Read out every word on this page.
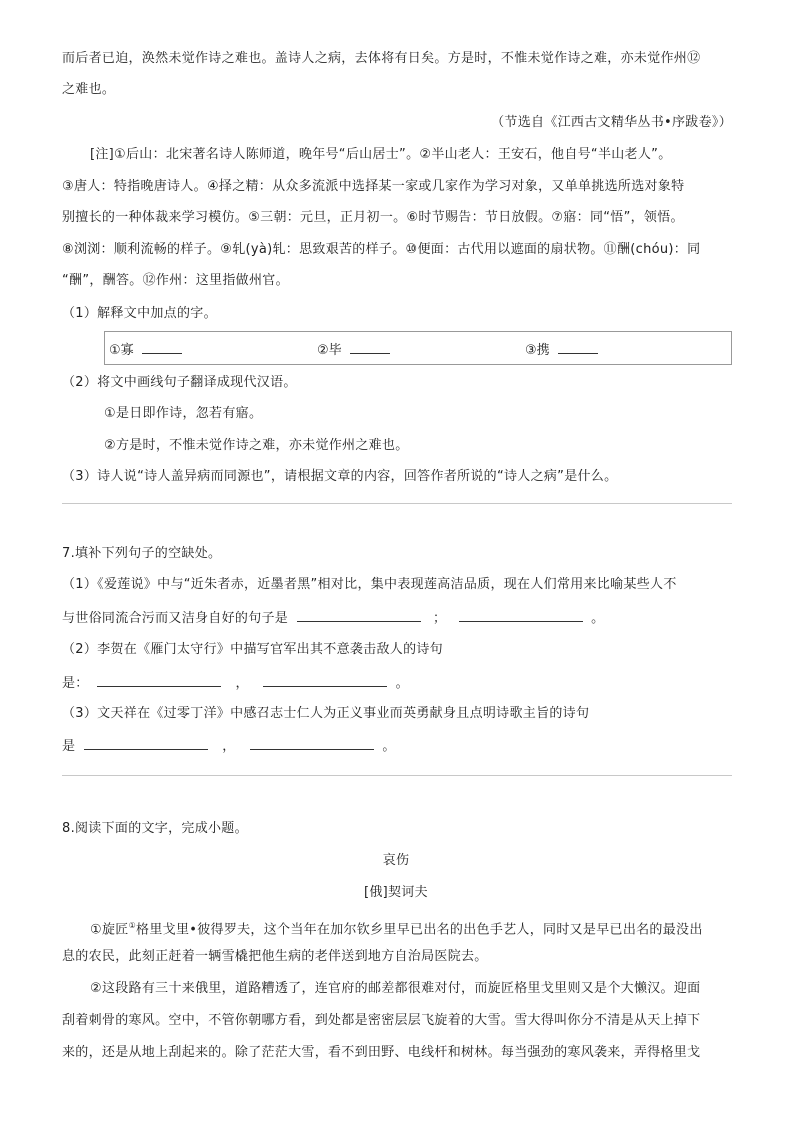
而后者已迫，涣然未觉作诗之难也。盖诗人之病，去体将有日矣。方是时，不惟未觉作诗之难，亦未觉作州⑫
之难也。
（节选自《江西古文精华丛书•序跋卷》）
[注]①后山：北宋著名诗人陈师道，晚年号“后山居士”。②半山老人：王安石，他自号“半山老人”。
③唐人：特指晚唐诗人。④择之精：从众多流派中选择某一家或几家作为学习对象，又单单挑选所选对象特
别擅长的一种体裁来学习模仿。⑤三朝：元旦，正月初一。⑥时节赐告：节日放假。⑦寤：同“悟”，领悟。
⑧浏浏：顺利流畅的样子。⑨轧(yà)轧：思致艰苦的样子。⑩便面：古代用以遮面的扇状物。⑪酬(chóu)：同
“酬”，酬答。⑫作州：这里指做州官。
（1）解释文中加点的字。
①寡	②毕	③携
（2）将文中画线句子翻译成现代汉语。
①是日即作诗，忽若有寤。
②方是时，不惟未觉作诗之难，亦未觉作州之难也。
（3）诗人说“诗人盖异病而同源也”，请根据文章的内容，回答作者所说的“诗人之病”是什么。
7.填补下列句子的空缺处。
（1）《爱莲说》中与“近朱者赤，近墨者黑”相对比，集中表现莲高洁品质，现在人们常用来比喻某些人不
与世俗同流合污而又洁身自好的句子是	；	。
（2）李贺在《雁门太守行》中描写官军出其不意袭击敌人的诗句
是：	，	。
（3）文天祥在《过零丁洋》中感召志士仁人为正义事业而英勇献身且点明诗歌主旨的诗句
是	，	。
8.阅读下面的文字，完成小题。
哀伤
[俄]契诃夫
①旋匠①格里戈里•彼得罗夫，这个当年在加尔钦乡里早已出名的出色手艺人，同时又是早已出名的最没出
息的农民，此刻正赶着一辆雪橇把他生病的老伴送到地方自治局医院去。
②这段路有三十来俄里，道路糟透了，连官府的邮差都很难对付，而旋匠格里戈里则又是个大懒汉。迎面
刮着刺骨的寒风。空中，不管你朝哪方看，到处都是密密层层飞旋着的大雪。雪大得叫你分不清是从天上掉下
来的，还是从地上刮起来的。除了茫茫大雪，看不到田野、电线杆和树林。每当强劲的寒风袭来，弄得格里戈
